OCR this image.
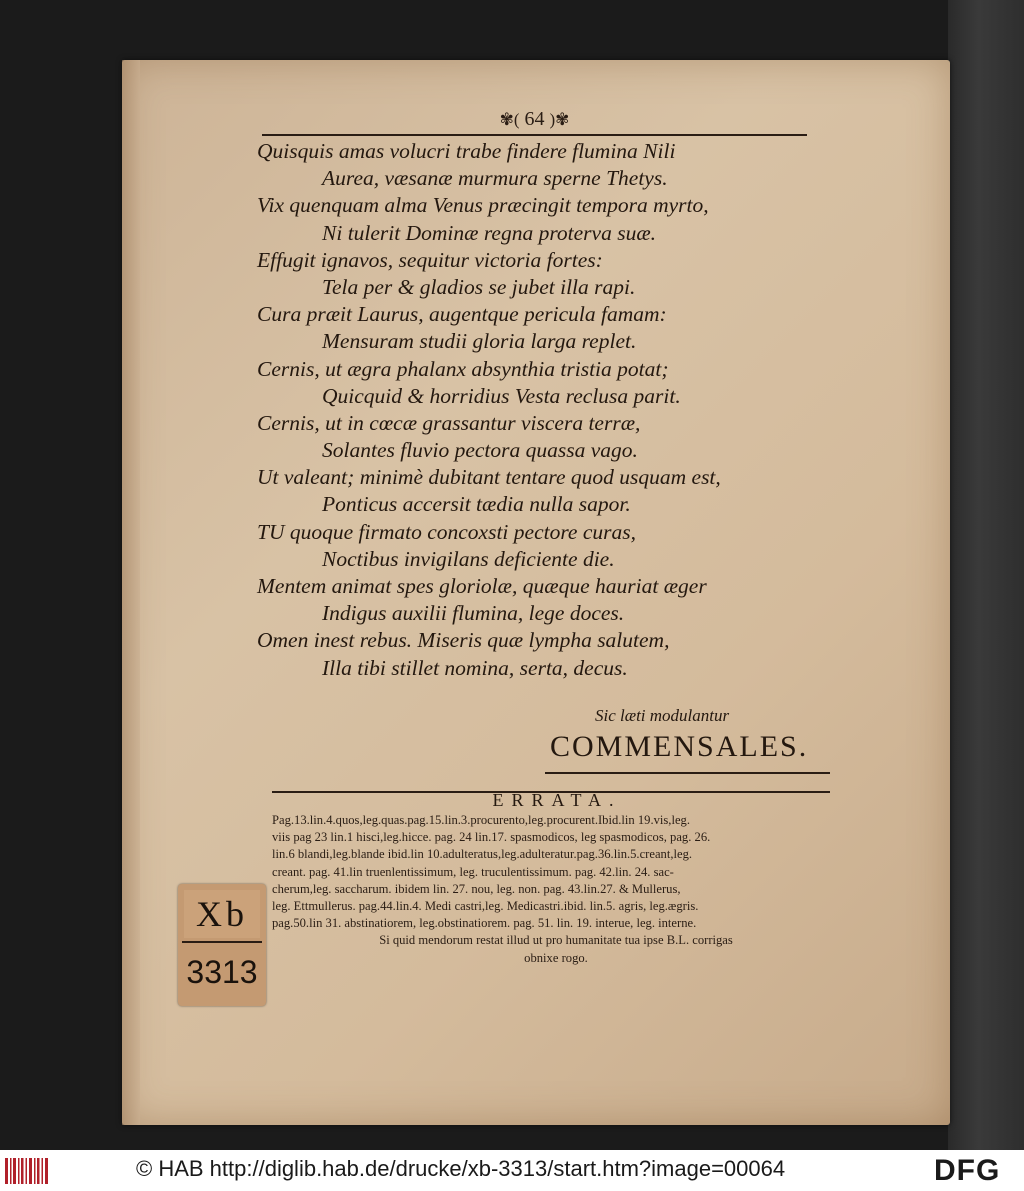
✾( 64 )✾
Quisquis amas volucri trabe findere flumina Nili
Aurea, væsanæ murmura sperne Thetys.
Vix quenquam alma Venus præcingit tempora myrto,
Ni tulerit Dominæ regna proterva suæ.
Effugit ignavos, sequitur victoria fortes:
Tela per & gladios se jubet illa rapi.
Cura præit Laurus, augentque pericula famam:
Mensuram studii gloria larga replet.
Cernis, ut ægra phalanx absynthia tristia potat;
Quicquid & horridius Vesta reclusa parit.
Cernis, ut in cœcæ grassantur viscera terræ,
Solantes fluvio pectora quassa vago.
Ut valeant; minimè dubitant tentare quod usquam est,
Ponticus accersit tædia nulla sapor.
TU quoque firmato concoxsti pectore curas,
Noctibus invigilans deficiente die.
Mentem animat spes gloriolæ, quæque hauriat æger
Indigus auxilii flumina, lege doces.
Omen inest rebus. Miseris quæ lympha salutem,
Illa tibi stillet nomina, serta, decus.
Sic læti modulantur
COMMENSALES.
ERRATA.
Pag.13.lin.4.quos,leg.quas.pag.15.lin.3.procurento,leg.procurent.Ibid.lin 19.vis,leg.
viis pag 23 lin.1 hisci,leg.hicce. pag. 24 lin.17. spasmodicos, leg spasmodicos, pag. 26.
lin.6 blandi,leg.blande ibid.lin 10.adulteratus,leg.adulteratur.pag.36.lin.5.creant,leg.
creant. pag. 41.lin truenlentissimum, leg. truculentissimum. pag. 42.lin. 24. sac-
cherum,leg. saccharum. ibidem lin. 27. nou, leg. non. pag. 43.lin.27. & Mullerus,
leg. Ettmullerus. pag.44.lin.4. Medi castri,leg. Medicastri.ibid. lin.5. agris, leg.ægris.
pag.50.lin 31. abstinatiorem, leg.obstinatiorem. pag. 51. lin. 19. interue, leg. interne.
Si quid mendorum restat illud ut pro humanitate tua ipse B.L. corrigas
obnixe rogo.
Xb
3313
© HAB http://diglib.hab.de/drucke/xb-3313/start.htm?image=00064	DFG
